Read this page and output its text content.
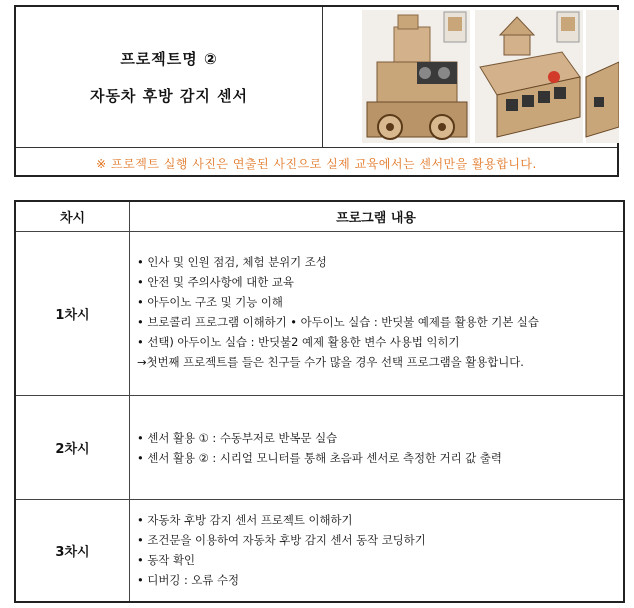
프로젝트명 ②
자동차 후방 감지 센서
※ 프로젝트 실행 사진은 연출된 사진으로 실제 교육에서는 센서만을 활용합니다.
차시	프로그램 내용
1차시
• 인사 및 인원 점검, 체험 분위기 조성
• 안전 및 주의사항에 대한 교육
• 아두이노 구조 및 기능 이해
• 브로콜리 프로그램 이해하기 • 아두이노 실습 : 반딧불 예제를 활용한 기본 실습
• 선택) 아두이노 실습 : 반딧불2 예제 활용한 변수 사용법 익히기
→첫번째 프로젝트를 들은 친구들 수가 많을 경우 선택 프로그램을 활용합니다.
2차시
• 센서 활용 ① : 수동부저로 반복문 실습
• 센서 활용 ② : 시리얼 모니터를 통해 초음파 센서로 측정한 거리 값 출력
3차시
• 자동차 후방 감지 센서 프로젝트 이해하기
• 조건문을 이용하여 자동차 후방 감지 센서 동작 코딩하기
• 동작 확인
• 디버깅 : 오류 수정
